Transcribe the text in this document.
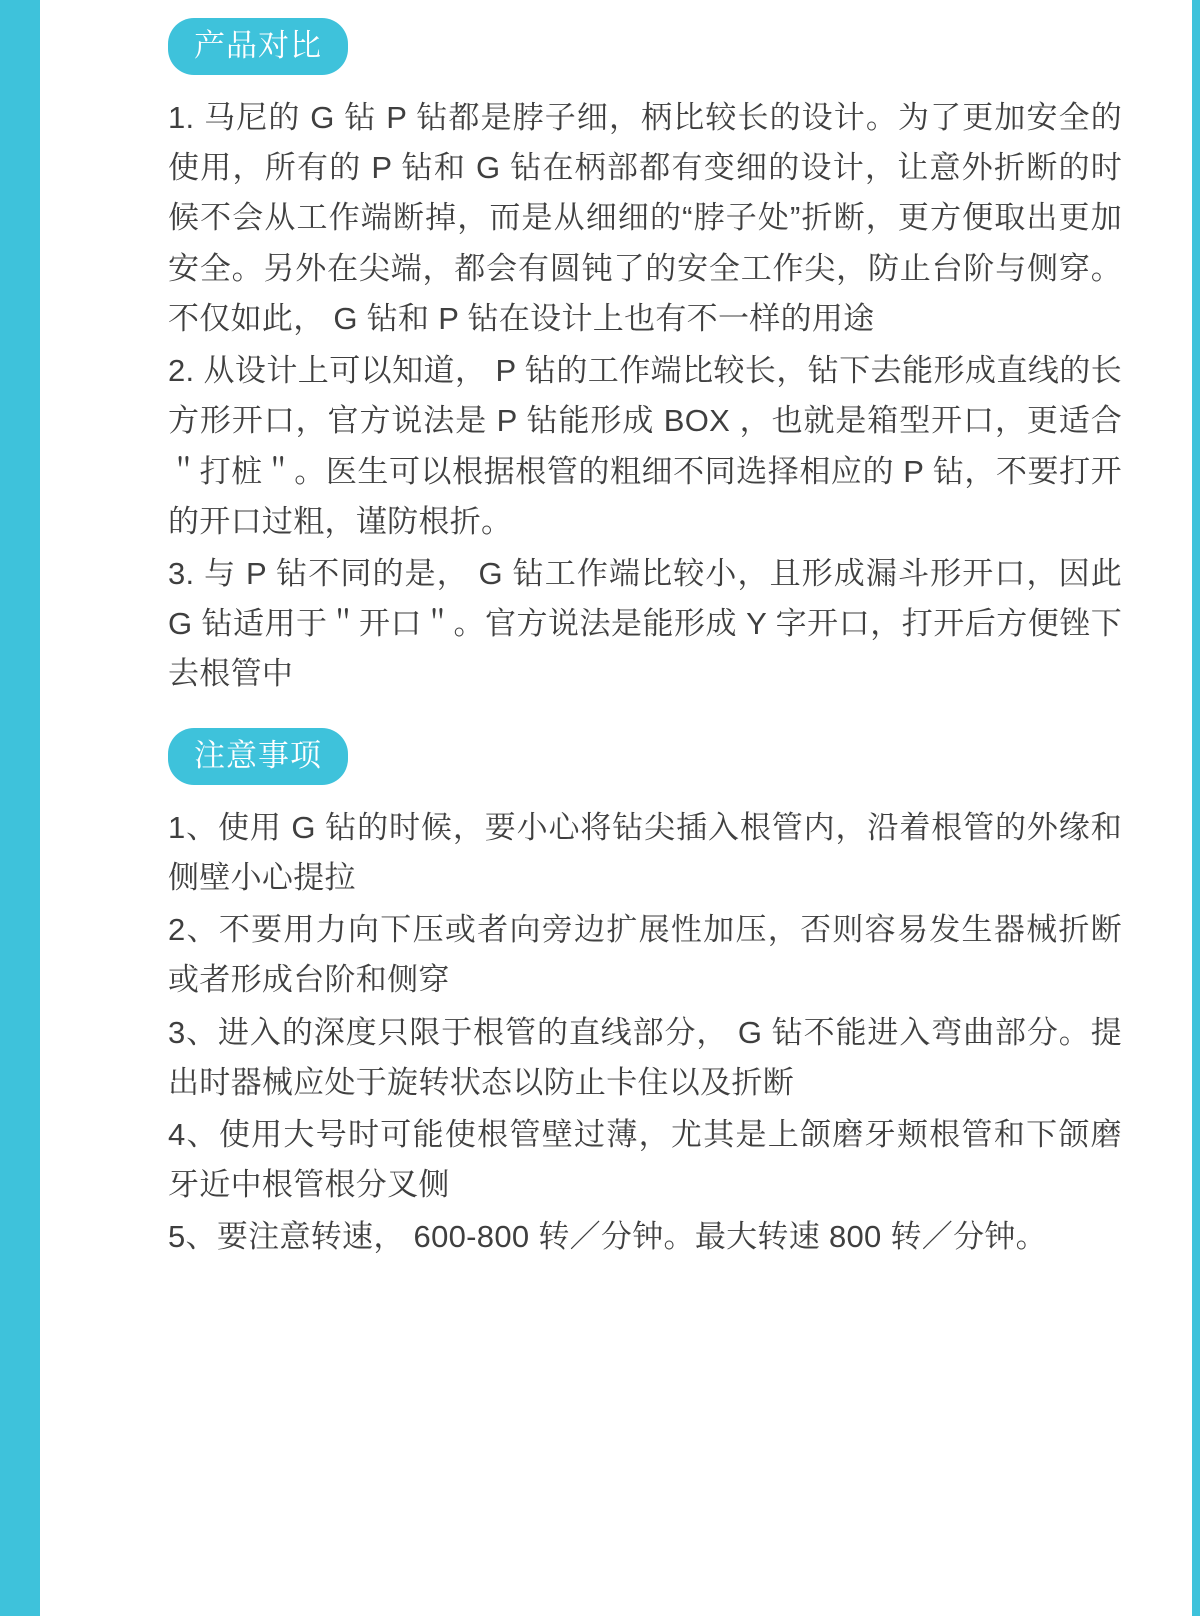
产品对比

1. 马尼的 G 钻 P 钻都是脖子细，柄比较长的设计。为了更加安全的使用，所有的 P 钻和 G 钻在柄部都有变细的设计，让意外折断的时候不会从工作端断掉，而是从细细的“脖子处”折断，更方便取出更加安全。另外在尖端，都会有圆钝了的安全工作尖，防止台阶与侧穿。不仅如此， G 钻和 P 钻在设计上也有不一样的用途

2. 从设计上可以知道， P 钻的工作端比较长，钻下去能形成直线的长方形开口，官方说法是 P 钻能形成 BOX ，也就是箱型开口，更适合＂打桩＂。医生可以根据根管的粗细不同选择相应的 P 钻，不要打开的开口过粗，谨防根折。

3. 与 P 钻不同的是， G 钻工作端比较小，且形成漏斗形开口，因此 G 钻适用于＂开口＂。官方说法是能形成 Y 字开口，打开后方便锉下去根管中

注意事项

1、使用 G 钻的时候，要小心将钻尖插入根管内，沿着根管的外缘和侧壁小心提拉

2、不要用力向下压或者向旁边扩展性加压，否则容易发生器械折断或者形成台阶和侧穿

3、进入的深度只限于根管的直线部分， G 钻不能进入弯曲部分。提出时器械应处于旋转状态以防止卡住以及折断

4、使用大号时可能使根管壁过薄，尤其是上颌磨牙颊根管和下颌磨牙近中根管根分叉侧

5、要注意转速， 600-800 转／分钟。最大转速 800 转／分钟。
